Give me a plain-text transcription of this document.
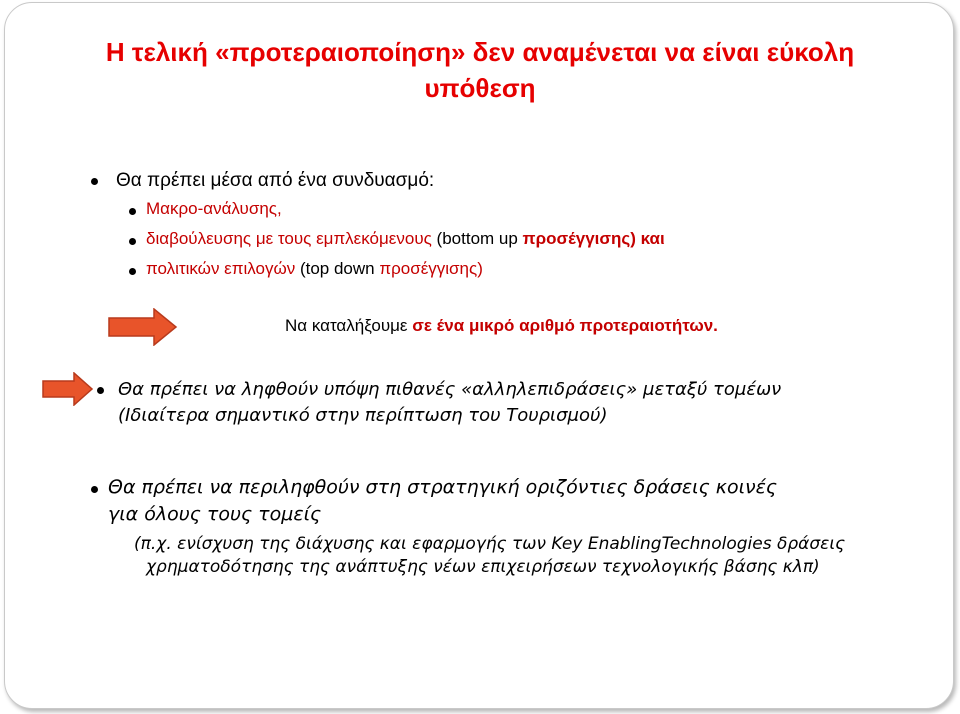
Η τελική «προτεραιοποίηση» δεν αναμένεται να είναι εύκολη
υπόθεση
Θα πρέπει μέσα από ένα συνδυασμό:
Μακρο-ανάλυσης,
διαβούλευσης με τους εμπλεκόμενους (bottom up προσέγγισης) και
πολιτικών επιλογών (top down προσέγγισης)
Να καταλήξουμε σε ένα μικρό αριθμό προτεραιοτήτων.
Θα πρέπει να ληφθούν υπόψη πιθανές «αλληλεπιδράσεις» μεταξύ τομέων
(Ιδιαίτερα σημαντικό στην περίπτωση του Τουρισμού)
Θα πρέπει να περιληφθούν στη στρατηγική οριζόντιες δράσεις κοινές
για όλους τους τομείς
(π.χ. ενίσχυση της διάχυσης και εφαρμογής των Key EnablingTechnologies δράσεις
χρηματοδότησης της ανάπτυξης νέων επιχειρήσεων τεχνολογικής βάσης κλπ)
